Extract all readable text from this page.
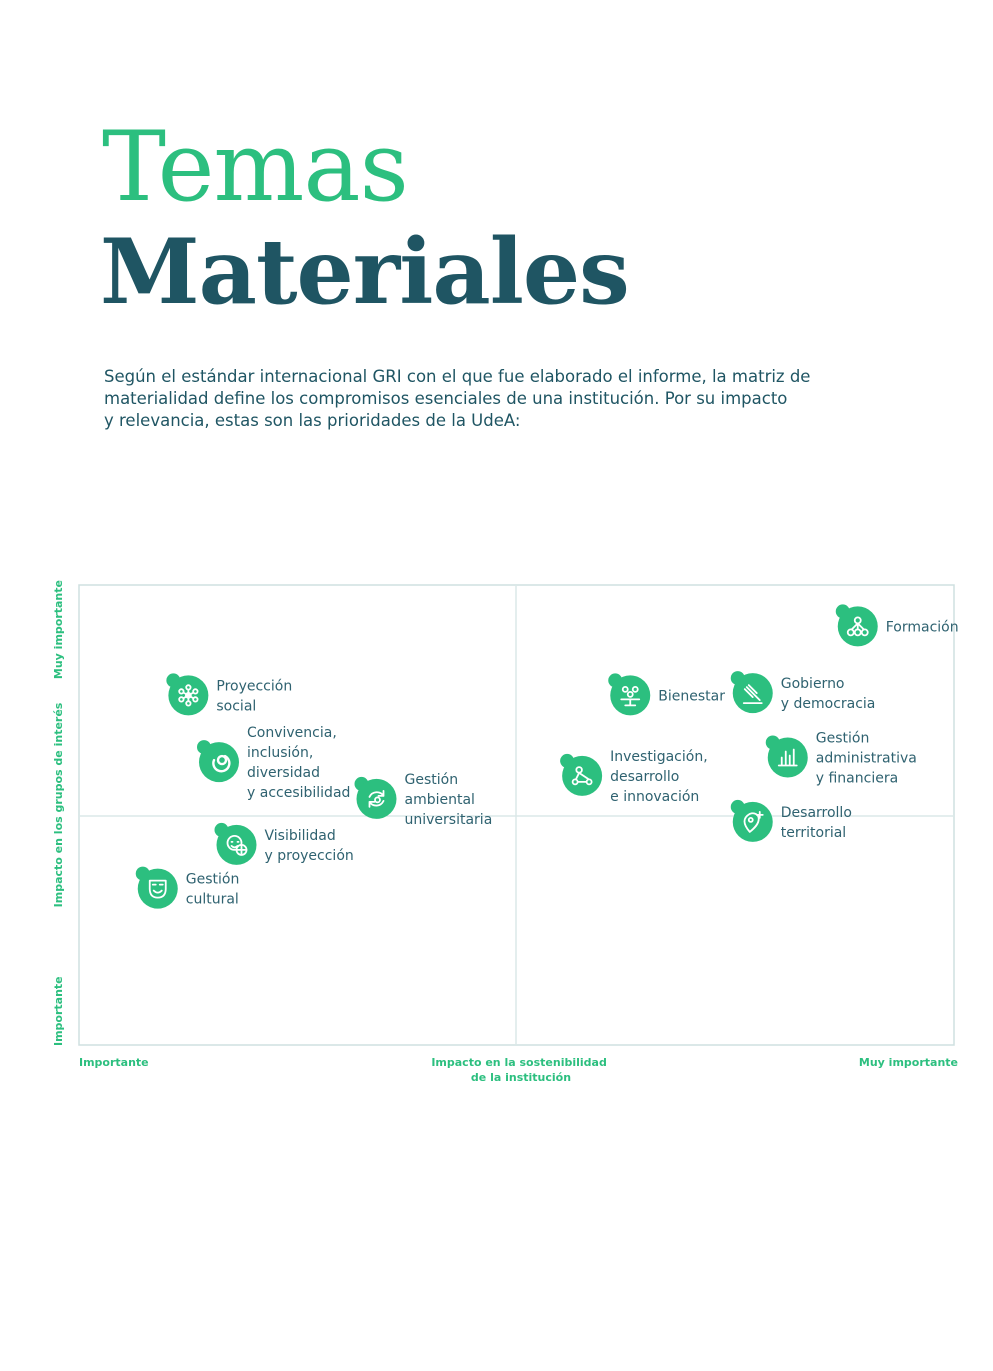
Temas
Materiales

Según el estándar internacional GRI con el que fue elaborado el informe, la matriz de
materialidad define los compromisos esenciales de una institución. Por su impacto
y relevancia, estas son las prioridades de la UdeA:

Formación
Proyección social
Bienestar
Gobierno y democracia
Convivencia, inclusión, diversidad y accesibilidad
Gestión administrativa y financiera
Investigación, desarrollo e innovación
Gestión ambiental universitaria	Desarrollo territorial
Visibilidad y proyección
Gestión cultural
Importante	Muy importante
Impacto en la sostenibilidad de la institución
Muy importante
Impacto en los grupos de interés
Importante
